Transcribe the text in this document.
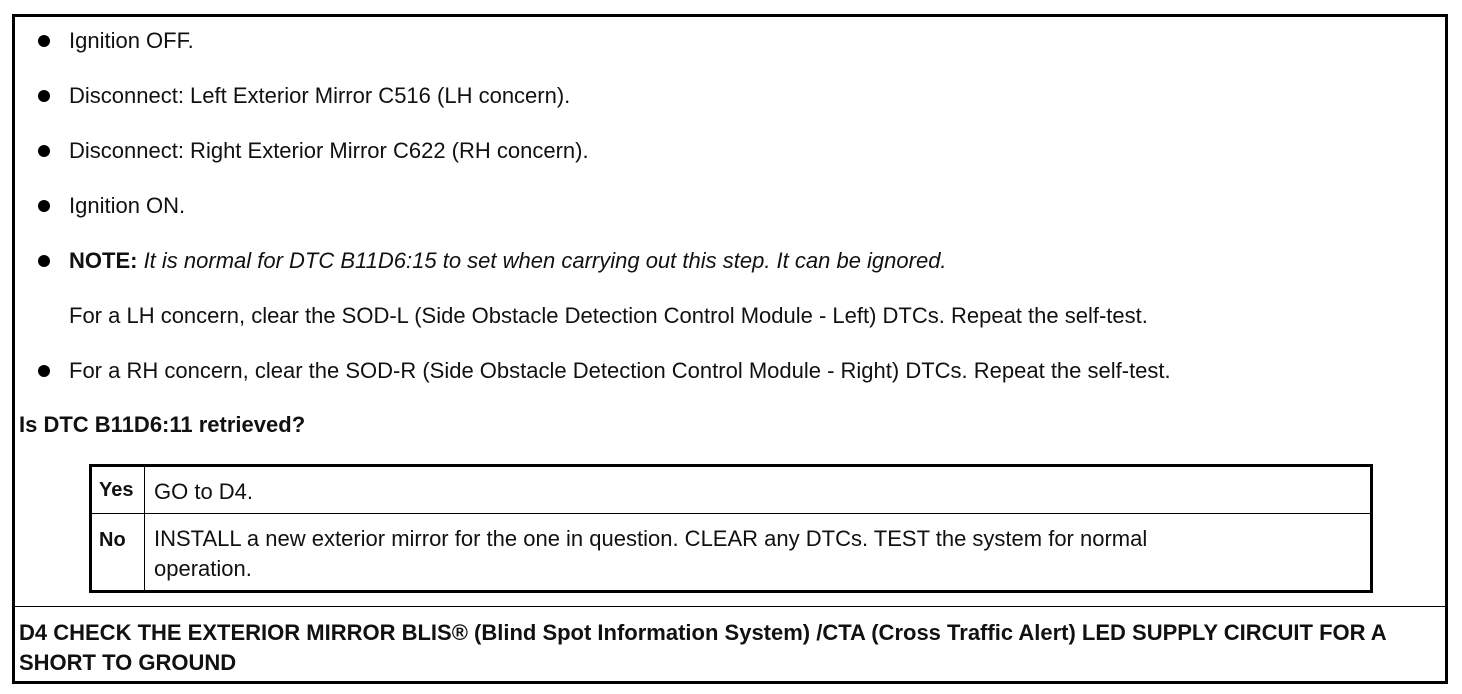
Ignition OFF.
Disconnect: Left Exterior Mirror C516 (LH concern).
Disconnect: Right Exterior Mirror C622 (RH concern).
Ignition ON.
NOTE: It is normal for DTC B11D6:15 to set when carrying out this step. It can be ignored.
For a LH concern, clear the SOD-L (Side Obstacle Detection Control Module - Left) DTCs. Repeat the self-test.
For a RH concern, clear the SOD-R (Side Obstacle Detection Control Module - Right) DTCs. Repeat the self-test.
Is DTC B11D6:11 retrieved?
Yes GO to D4.
No INSTALL a new exterior mirror for the one in question. CLEAR any DTCs. TEST the system for normal operation.
D4 CHECK THE EXTERIOR MIRROR BLIS® (Blind Spot Information System) /CTA (Cross Traffic Alert) LED SUPPLY CIRCUIT FOR A SHORT TO GROUND
